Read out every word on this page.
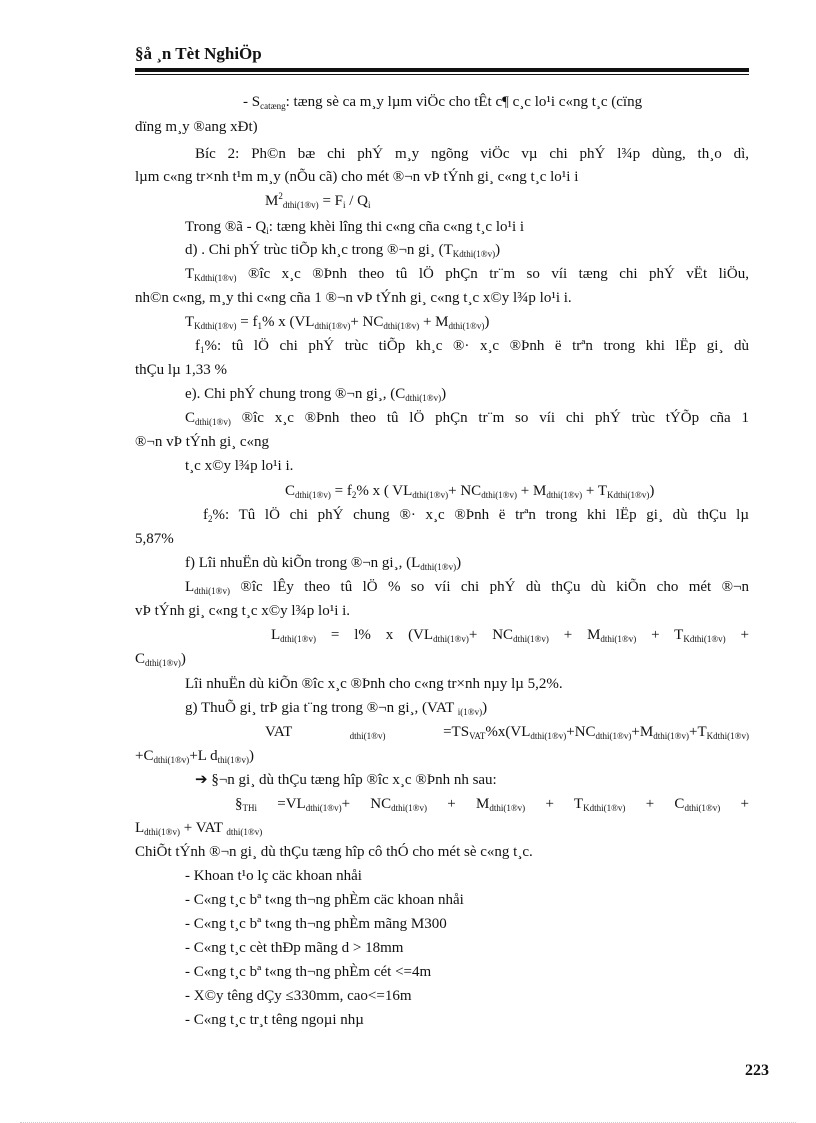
§å ¸n Tèt NghiÖp
- $S_{catæng}$: tæng sè ca m¸y lµm viÖc cho tÊt c¶ c¸c lo¹i c«ng t¸c (cïng
dïng m¸y ®ang xÐt)
Bíc 2: Ph©n bæ chi phÝ m¸y ngõng viÖc vµ chi phÝ l¾p dùng, th¸o dì,
lµm c«ng tr×nh t¹m m¸y (nÕu cã) cho mét ®¬n vÞ tÝnh gi¸ c«ng t¸c lo¹i i
$M^2_{dthi(1®v)} = F_i / Q_i$
Trong ®ã - $Q_i$: tæng khèi lîng thi c«ng cña c«ng t¸c lo¹i i
d) . Chi phÝ trùc tiÕp kh¸c trong ®¬n gi¸ $(T_{Kdthi(1®v)})$
$T_{Kdthi(1®v)}$ ®îc x¸c ®Þnh theo tû lÖ phÇn tr¨m so víi tæng chi phÝ vËt liÖu,
nh©n c«ng, m¸y thi c«ng cña 1 ®¬n vÞ tÝnh gi¸ c«ng t¸c x©y l¾p lo¹i i.
$T_{Kdthi(1®v)} = f_1\%$ x $(VL_{dthi(1®v)}+ NC_{dthi(1®v)} + M_{dthi(1®v)})$
$f_1\%$: tû lÖ chi phÝ trùc tiÕp kh¸c ®· x¸c ®Þnh ë trªn trong khi lËp gi¸ dù
thÇu lµ 1,33 %
e). Chi phÝ chung trong ®¬n gi¸, $(C_{dthi(1®v)})$
$C_{dthi(1®v)}$ ®îc x¸c ®Þnh theo tû lÖ phÇn tr¨m so víi chi phÝ trùc tÝÕp cña 1
®¬n vÞ tÝnh gi¸ c«ng
t¸c x©y l¾p lo¹i i.
$C_{dthi(1®v)} = f_2\%$ x ( $VL_{dthi(1®v)}+ NC_{dthi(1®v)} + M_{dthi(1®v)} + T_{Kdthi(1®v)}$)
$f_2\%$: Tû lÖ chi phÝ chung ®· x¸c ®Þnh ë trªn trong khi lËp gi¸ dù thÇu lµ
5,87%
f) Lîi nhuËn dù kiÕn trong ®¬n gi¸, $(L_{dthi(1®v)})$
$L_{dthi(1®v)}$ ®îc lÊy theo tû lÖ % so víi chi phÝ dù thÇu dù kiÕn cho mét ®¬n
vÞ tÝnh gi¸ c«ng t¸c x©y l¾p lo¹i i.
$L_{dthi(1®v)} = l\%$ x ($VL_{dthi(1®v)}+ NC_{dthi(1®v)} + M_{dthi(1®v)} + T_{Kdthi(1®v)}$ +
$C_{dthi(1®v)}$)
Lîi nhuËn dù kiÕn ®îc x¸c ®Þnh cho c«ng tr×nh nµy lµ 5,2%.
g) ThuÕ gi¸ trÞ gia t¨ng trong ®¬n gi¸, (VAT $_{i(1®v)}$)
VAT $_{dthi(1®v)} =TS_{VAT}\%x(VL_{dthi(1®v)}+NC_{dthi(1®v)}+M_{dthi(1®v)}+T_{Kdthi(1®v)}$
$+C_{dthi(1®v)}+L$ $d_{thi(1®v)}$)
➔ §¬n gi¸ dù thÇu tæng hîp ®îc x¸c ®Þnh nh sau:
$\S_{THi} =VL_{dthi(1®v)}+ NC_{dthi(1®v)} + M_{dthi(1®v)} + T_{Kdthi(1®v)} + C_{dthi(1®v)}$ +
$L_{dthi(1®v)}$ + VAT $_{dthi(1®v)}$
ChiÕt tÝnh ®¬n gi¸ dù thÇu tæng hîp cô thÓ cho mét sè c«ng t¸c.
- Khoan t¹o lç cäc khoan nhåi
- C«ng t¸c bª t«ng th¬ng phÈm cäc khoan nhåi
- C«ng t¸c bª t«ng th¬ng phÈm mãng M300
- C«ng t¸c cèt thÐp mãng d > 18mm
- C«ng t¸c bª t«ng th¬ng phÈm cét <=4m
- X©y têng dÇy ≤330mm, cao<=16m
- C«ng t¸c tr¸t têng ngoµi nhµ
223
